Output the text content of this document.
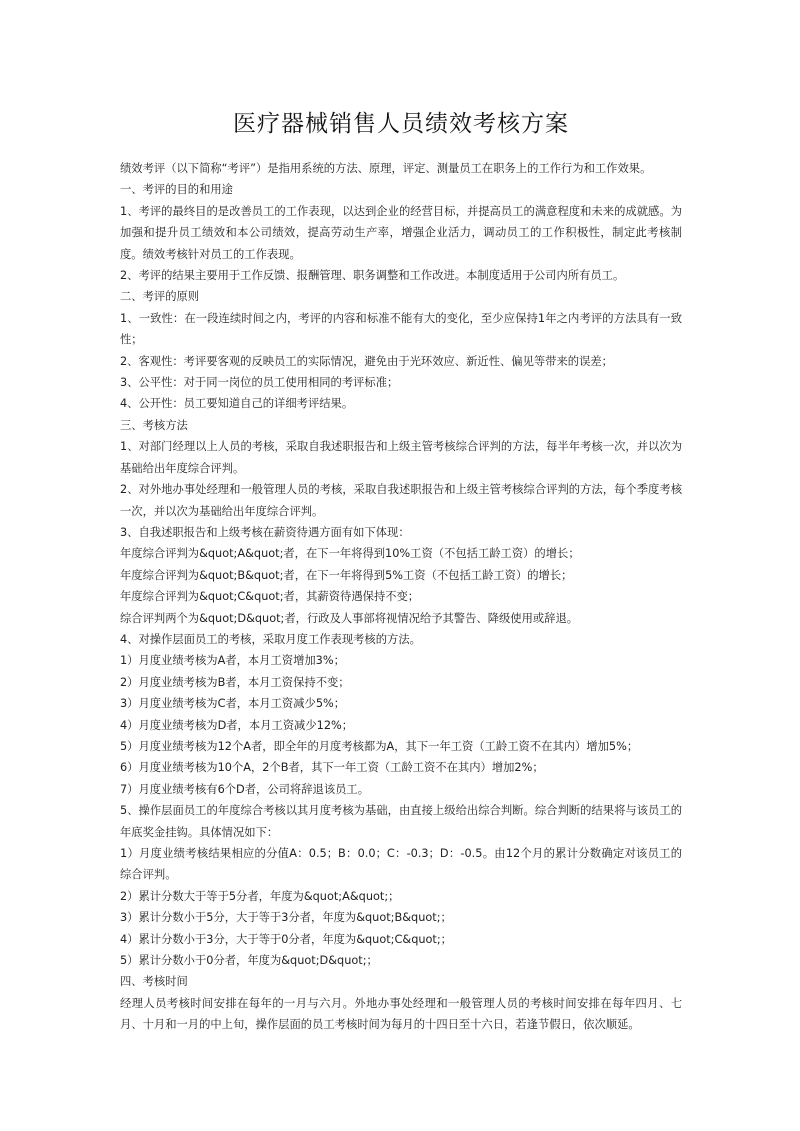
医疗器械销售人员绩效考核方案

绩效考评（以下简称“考评”）是指用系统的方法、原理，评定、测量员工在职务上的工作行为和工作效果。

一、考评的目的和用途

1、考评的最终目的是改善员工的工作表现，以达到企业的经营目标，并提高员工的满意程度和未来的成就感。为加强和提升员工绩效和本公司绩效，提高劳动生产率，增强企业活力，调动员工的工作积极性，制定此考核制度。绩效考核针对员工的工作表现。

2、考评的结果主要用于工作反馈、报酬管理、职务调整和工作改进。本制度适用于公司内所有员工。

二、考评的原则

1、一致性：在一段连续时间之内，考评的内容和标准不能有大的变化，至少应保持1年之内考评的方法具有一致性；

2、客观性：考评要客观的反映员工的实际情况，避免由于光环效应、新近性、偏见等带来的误差；

3、公平性：对于同一岗位的员工使用相同的考评标准；

4、公开性：员工要知道自己的详细考评结果。

三、考核方法

1、对部门经理以上人员的考核，采取自我述职报告和上级主管考核综合评判的方法，每半年考核一次，并以次为基础给出年度综合评判。

2、对外地办事处经理和一般管理人员的考核，采取自我述职报告和上级主管考核综合评判的方法，每个季度考核一次，并以次为基础给出年度综合评判。

3、自我述职报告和上级考核在薪资待遇方面有如下体现：

年度综合评判为&quot;A&quot;者，在下一年将得到10%工资（不包括工龄工资）的增长；

年度综合评判为&quot;B&quot;者，在下一年将得到5%工资（不包括工龄工资）的增长；

年度综合评判为&quot;C&quot;者，其薪资待遇保持不变；

综合评判两个为&quot;D&quot;者，行政及人事部将视情况给予其警告、降级使用或辞退。

4、对操作层面员工的考核，采取月度工作表现考核的方法。

1）月度业绩考核为A者，本月工资增加3%；

2）月度业绩考核为B者，本月工资保持不变；

3）月度业绩考核为C者，本月工资减少5%；

4）月度业绩考核为D者，本月工资减少12%；

5）月度业绩考核为12个A者，即全年的月度考核都为A，其下一年工资（工龄工资不在其内）增加5%；

6）月度业绩考核为10个A，2个B者，其下一年工资（工龄工资不在其内）增加2%；

7）月度业绩考核有6个D者，公司将辞退该员工。

5、操作层面员工的年度综合考核以其月度考核为基础，由直接上级给出综合判断。综合判断的结果将与该员工的年底奖金挂钩。具体情况如下：

1）月度业绩考核结果相应的分值A：0.5；B：0.0；C：-0.3；D：-0.5。由12个月的累计分数确定对该员工的综合评判。

2）累计分数大于等于5分者，年度为&quot;A&quot;；

3）累计分数小于5分，大于等于3分者，年度为&quot;B&quot;；

4）累计分数小于3分，大于等于0分者，年度为&quot;C&quot;；

5）累计分数小于0分者，年度为&quot;D&quot;；

四、考核时间

经理人员考核时间安排在每年的一月与六月。外地办事处经理和一般管理人员的考核时间安排在每年四月、七月、十月和一月的中上旬，操作层面的员工考核时间为每月的十四日至十六日，若逢节假日，依次顺延。
